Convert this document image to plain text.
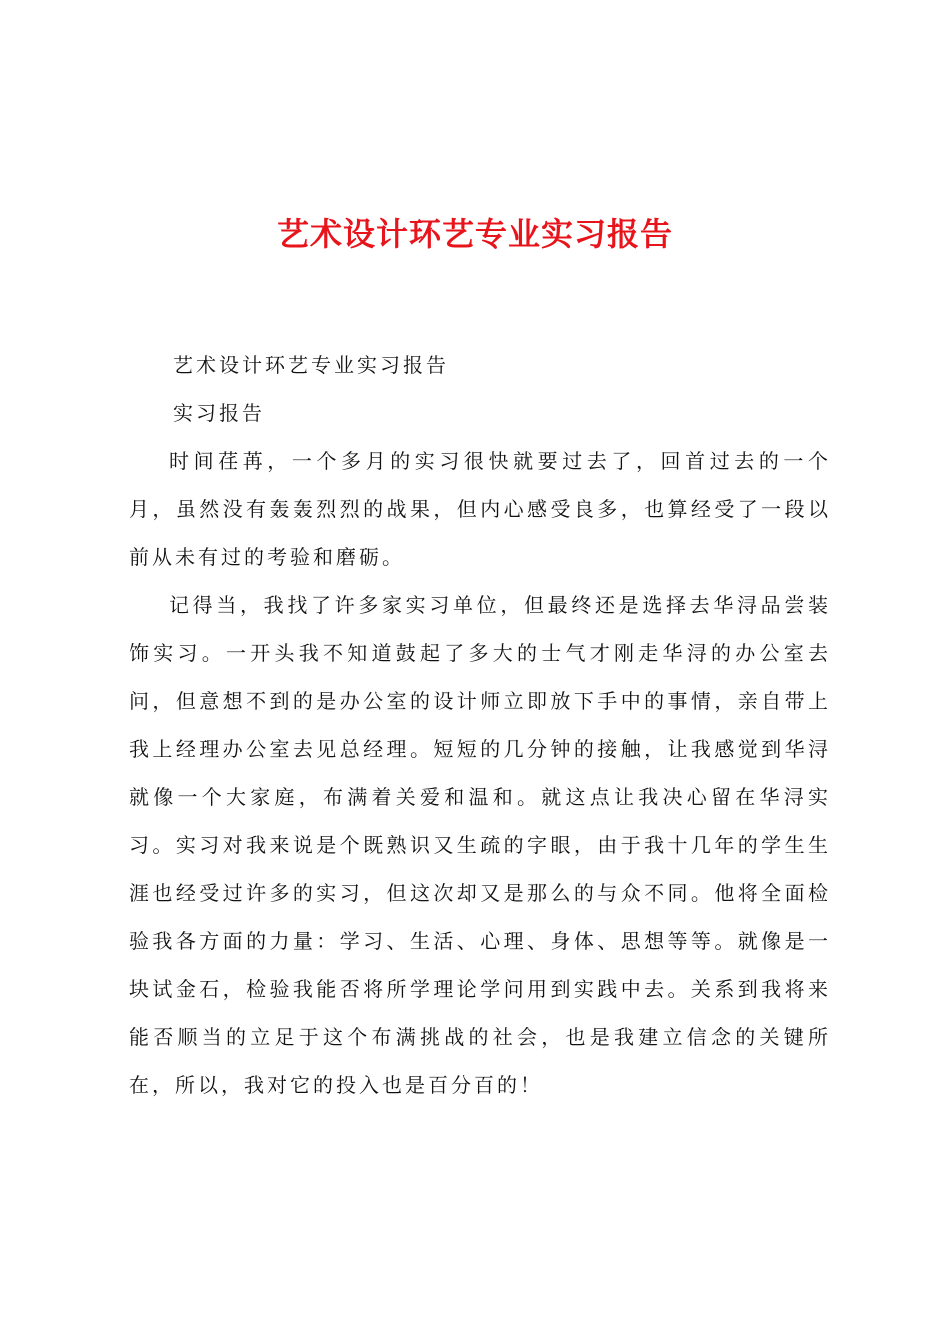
艺术设计环艺专业实习报告

艺术设计环艺专业实习报告

实习报告

时间荏苒，一个多月的实习很快就要过去了，回首过去的一个月，虽然没有轰轰烈烈的战果，但内心感受良多，也算经受了一段以前从未有过的考验和磨砺。

记得当，我找了许多家实习单位，但最终还是选择去华浔品尝装饰实习。一开头我不知道鼓起了多大的士气才刚走华浔的办公室去问，但意想不到的是办公室的设计师立即放下手中的事情，亲自带上我上经理办公室去见总经理。短短的几分钟的接触，让我感觉到华浔就像一个大家庭，布满着关爱和温和。就这点让我决心留在华浔实习。实习对我来说是个既熟识又生疏的字眼，由于我十几年的学生生涯也经受过许多的实习，但这次却又是那么的与众不同。他将全面检验我各方面的力量：学习、生活、心理、身体、思想等等。就像是一块试金石，检验我能否将所学理论学问用到实践中去。关系到我将来能否顺当的立足于这个布满挑战的社会，也是我建立信念的关键所在，所以，我对它的投入也是百分百的！
